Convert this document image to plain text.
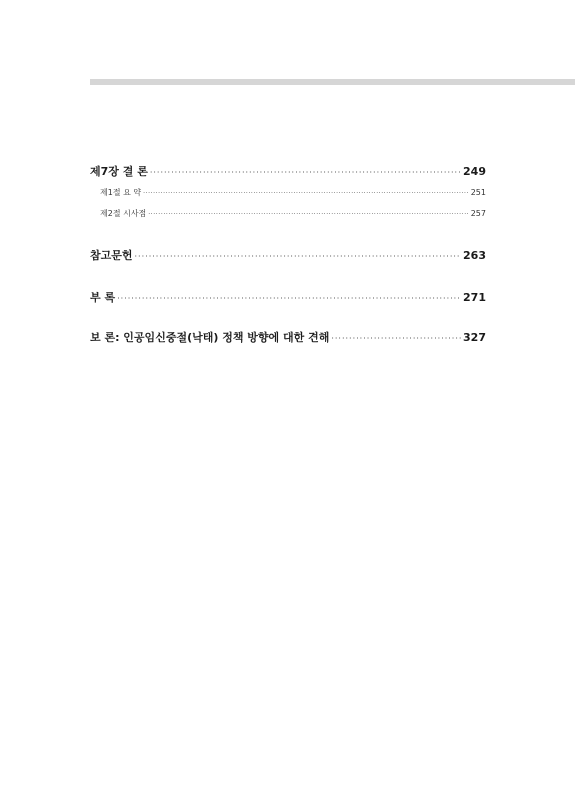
제7장 결 론 ·····	249
제1절 요 약 ·····	251
제2절 시사점 ·····	257
참고문헌 ·····	263
부 록 ·····	271
보 론: 인공임신중절(낙태) 정책 방향에 대한 견해 ·····	327
